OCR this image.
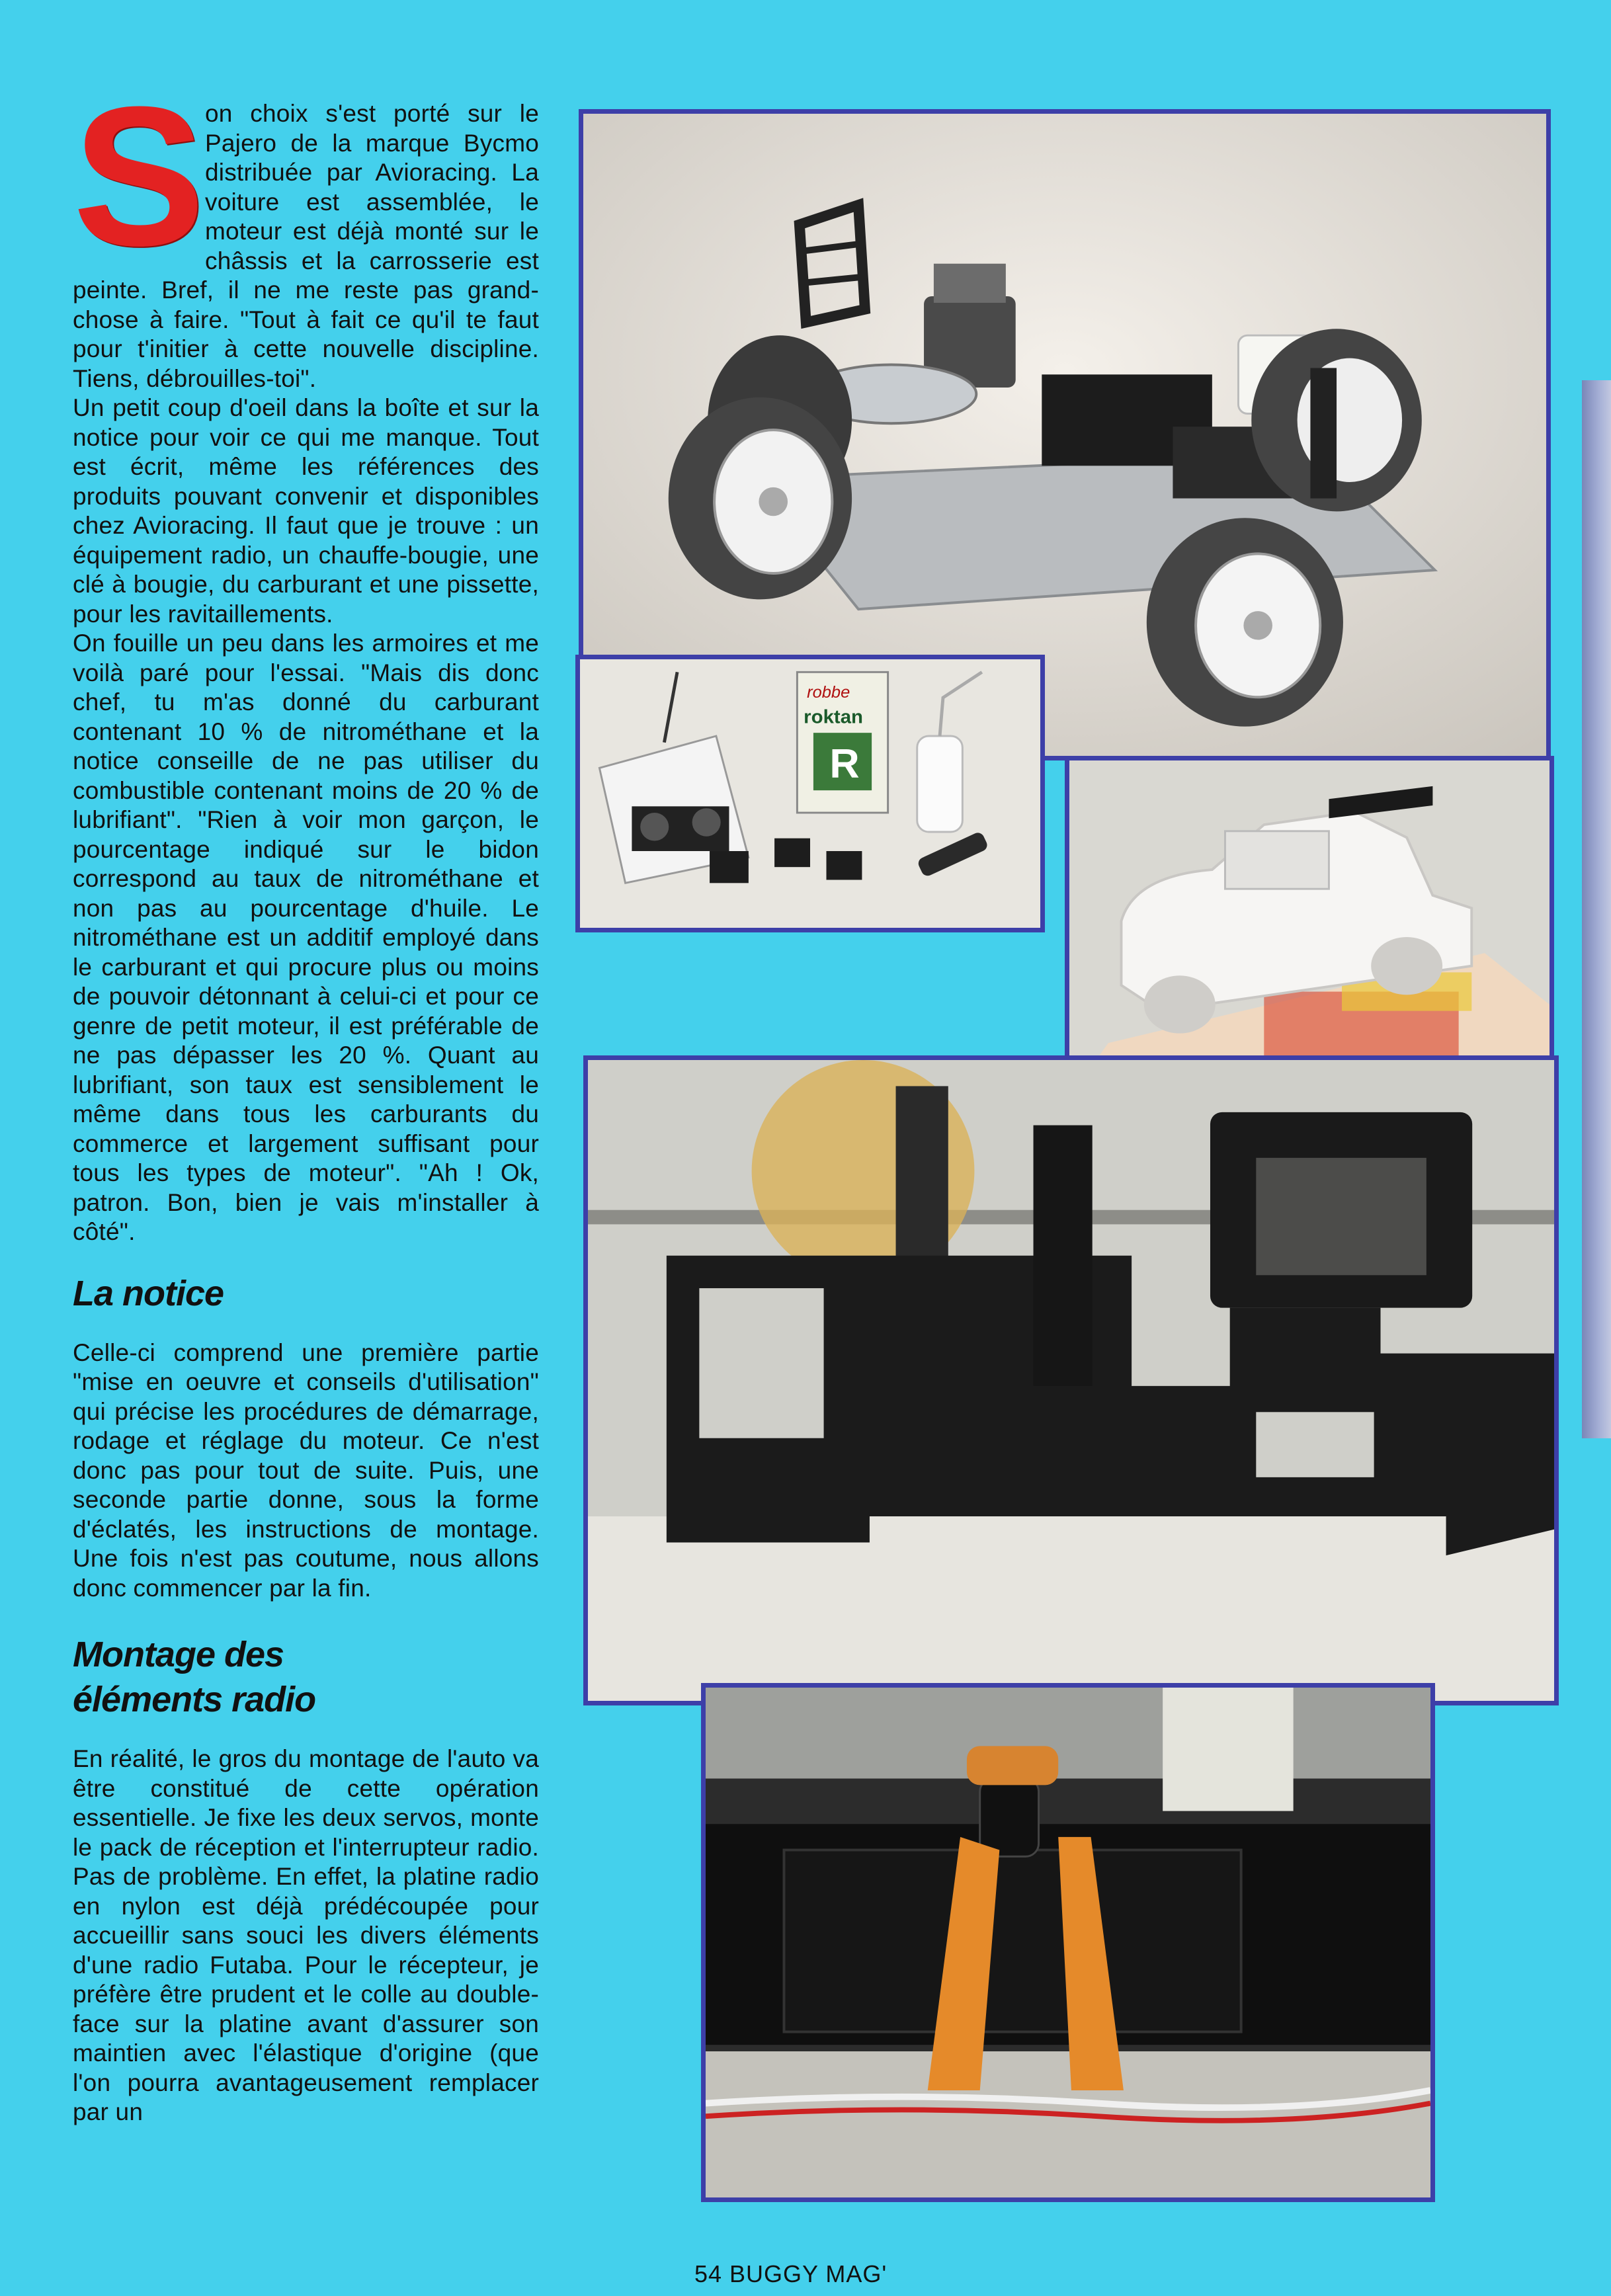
Son choix s'est porté sur le Pajero de la marque Bycmo distribuée par Avioracing. La voiture est assemblée, le moteur est déjà monté sur le châssis et la carrosserie est peinte. Bref, il ne me reste pas grand-chose à faire. "Tout à fait ce qu'il te faut pour t'initier à cette nouvelle discipline. Tiens, débrouilles-toi".

Un petit coup d'oeil dans la boîte et sur la notice pour voir ce qui me manque. Tout est écrit, même les références des produits pouvant convenir et disponibles chez Avioracing. Il faut que je trouve : un équipement radio, un chauffe-bougie, une clé à bougie, du carburant et une pissette, pour les ravitaillements.

On fouille un peu dans les armoires et me voilà paré pour l'essai. "Mais dis donc chef, tu m'as donné du carburant contenant 10 % de nitrométhane et la notice conseille de ne pas utiliser du combustible contenant moins de 20 % de lubrifiant". "Rien à voir mon garçon, le pourcentage indiqué sur le bidon correspond au taux de nitrométhane et non pas au pourcentage d'huile. Le nitrométhane est un additif employé dans le carburant et qui procure plus ou moins de pouvoir détonnant à celui-ci et pour ce genre de petit moteur, il est préférable de ne pas dépasser les 20 %. Quant au lubrifiant, son taux est sensiblement le même dans tous les carburants du commerce et largement suffisant pour tous les types de moteur". "Ah ! Ok, patron. Bon, bien je vais m'installer à côté".

La notice

Celle-ci comprend une première partie "mise en oeuvre et conseils d'utilisation" qui précise les procédures de démarrage, rodage et réglage du moteur. Ce n'est donc pas pour tout de suite. Puis, une seconde partie donne, sous la forme d'éclatés, les instructions de montage. Une fois n'est pas coutume, nous allons donc commencer par la fin.

Montage des
éléments radio

En réalité, le gros du montage de l'auto va être constitué de cette opération essentielle. Je fixe les deux servos, monte le pack de réception et l'interrupteur radio. Pas de problème. En effet, la platine radio en nylon est déjà prédécoupée pour accueillir sans souci les divers éléments d'une radio Futaba. Pour le récepteur, je préfère être prudent et le colle au double-face sur la platine avant d'assurer son maintien avec l'élastique d'origine (que l'on pourra avantageusement remplacer par un

robbe
roktan
R
54 BUGGY MAG'
